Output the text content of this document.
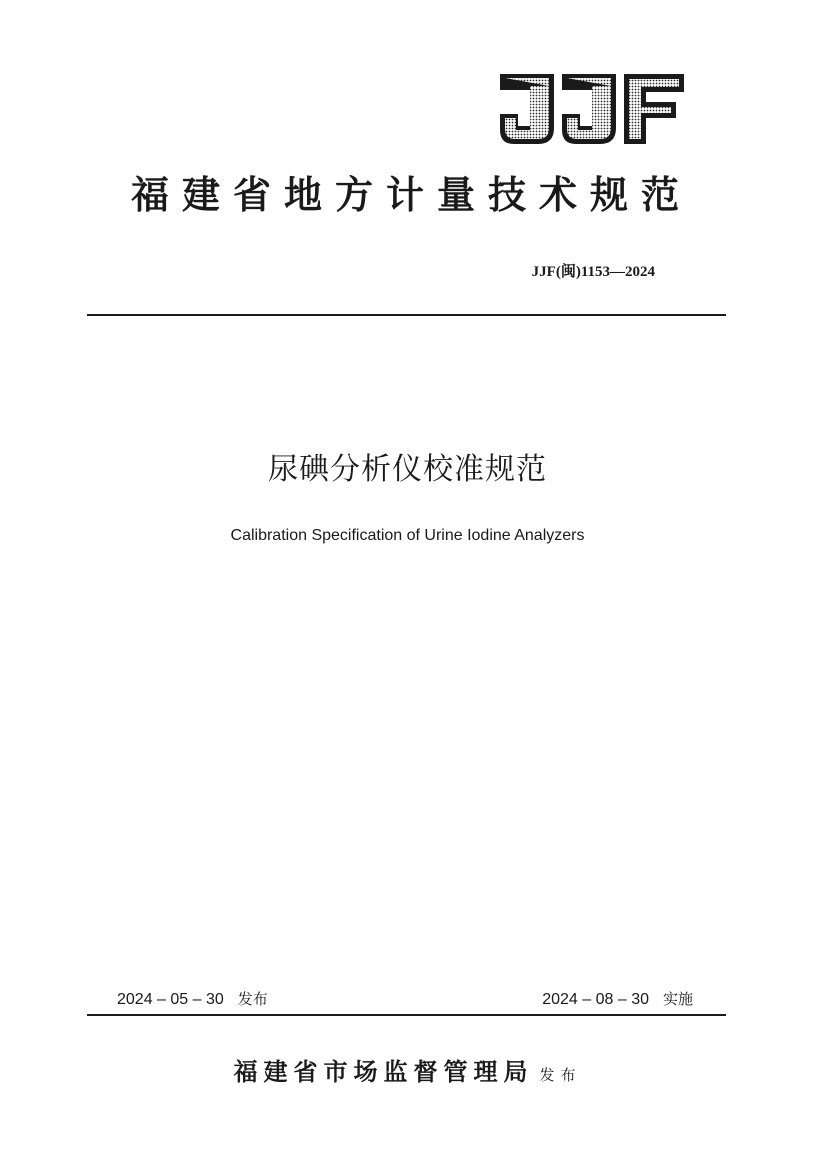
福建省地方计量技术规范
JJF(闽)1153—2024
尿碘分析仪校准规范
Calibration Specification of Urine Iodine Analyzers
2024 – 05 – 30 发布	2024 – 08 – 30 实施
福建省市场监督管理局 发布
